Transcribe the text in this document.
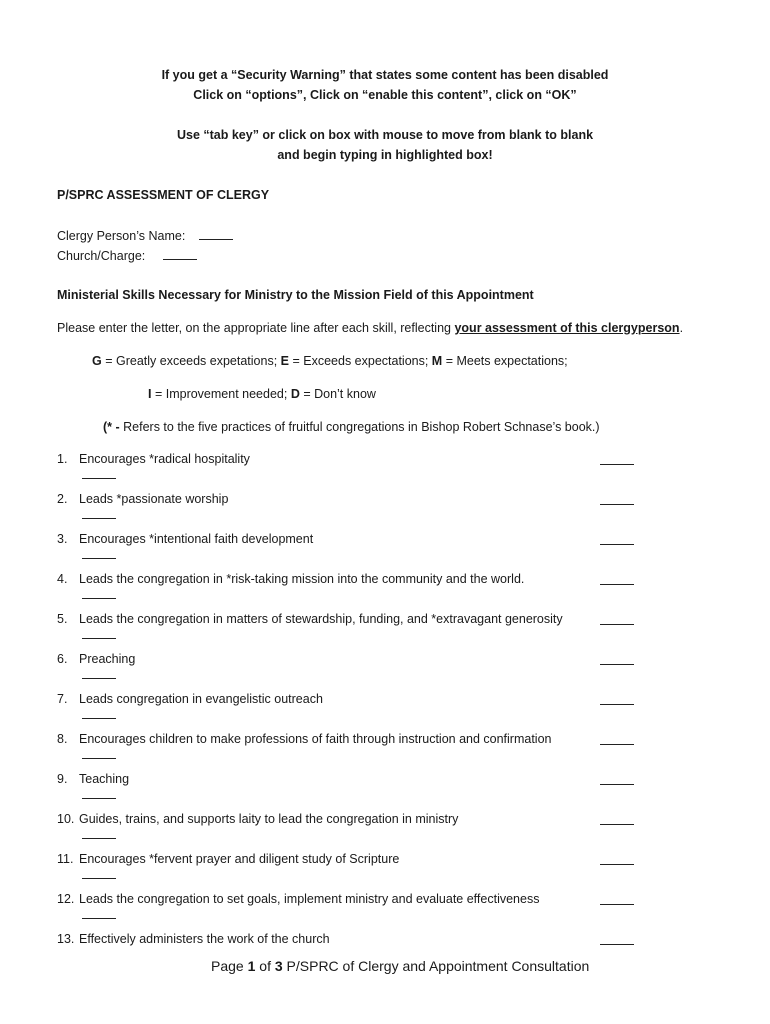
If you get a “Security Warning” that states some content has been disabled
Click on “options”, Click on “enable this content”, click on “OK”
Use “tab key” or click on box with mouse to move from blank to blank
and begin typing in highlighted box!
P/SPRC ASSESSMENT OF CLERGY
Clergy Person’s Name:
Church/Charge:
Ministerial Skills Necessary for Ministry to the Mission Field of this Appointment
Please enter the letter, on the appropriate line after each skill, reflecting your assessment of this clergyperson.
G = Greatly exceeds expetations; E = Exceeds expectations; M = Meets expectations;
I = Improvement needed; D = Don’t know
(* - Refers to the five practices of fruitful congregations in Bishop Robert Schnase’s book.)
1. Encourages *radical hospitality
2. Leads *passionate worship
3. Encourages *intentional faith development
4. Leads the congregation in *risk-taking mission into the community and the world.
5. Leads the congregation in matters of stewardship, funding, and *extravagant generosity
6. Preaching
7. Leads congregation in evangelistic outreach
8. Encourages children to make professions of faith through instruction and confirmation
9. Teaching
10. Guides, trains, and supports laity to lead the congregation in ministry
11. Encourages *fervent prayer and diligent study of Scripture
12. Leads the congregation to set goals, implement ministry and evaluate effectiveness
13. Effectively administers the work of the church
Page 1 of 3 P/SPRC of Clergy and Appointment Consultation
